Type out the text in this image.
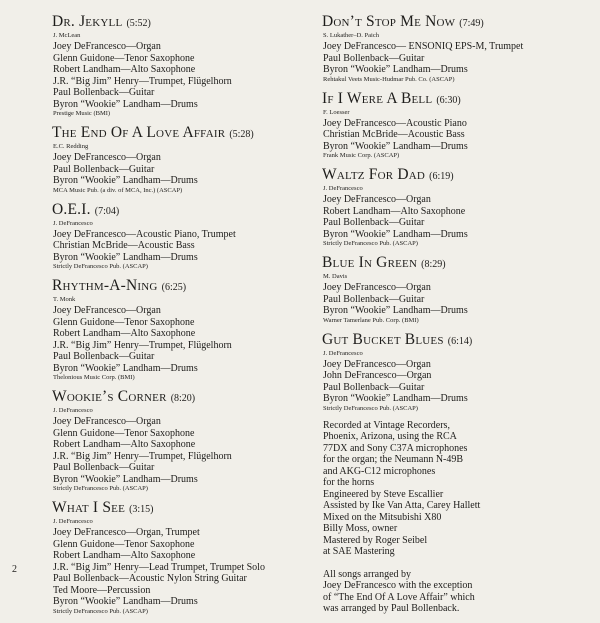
Dr. Jekyll (5:52)
J. McLean
Joey DeFrancesco—Organ
Glenn Guidone—Tenor Saxophone
Robert Landham—Alto Saxophone
J.R. “Big Jim” Henry—Trumpet, Flügelhorn
Paul Bollenback—Guitar
Byron “Wookie” Landham—Drums
Prestige Music (BMI)
The End Of A Love Affair (5:28)
E.C. Redding
Joey DeFrancesco—Organ
Paul Bollenback—Guitar
Byron “Wookie” Landham—Drums
MCA Music Pub. (a div. of MCA, Inc.) (ASCAP)
O.E.I. (7:04)
J. DeFrancesco
Joey DeFrancesco—Acoustic Piano, Trumpet
Christian McBride—Acoustic Bass
Byron “Wookie” Landham—Drums
Strictly DeFrancesco Pub. (ASCAP)
Rhythm-A-Ning (6:25)
T. Monk
Joey DeFrancesco—Organ
Glenn Guidone—Tenor Saxophone
Robert Landham—Alto Saxophone
J.R. “Big Jim” Henry—Trumpet, Flügelhorn
Paul Bollenback—Guitar
Byron “Wookie” Landham—Drums
Thelonious Music Corp. (BMI)
Wookie’s Corner (8:20)
J. DeFrancesco
Joey DeFrancesco—Organ
Glenn Guidone—Tenor Saxophone
Robert Landham—Alto Saxophone
J.R. “Big Jim” Henry—Trumpet, Flügelhorn
Paul Bollenback—Guitar
Byron “Wookie” Landham—Drums
Strictly DeFrancesco Pub. (ASCAP)
What I See (3:15)
J. DeFrancesco
Joey DeFrancesco—Organ, Trumpet
Glenn Guidone—Tenor Saxophone
Robert Landham—Alto Saxophone
J.R. “Big Jim” Henry—Lead Trumpet, Trumpet Solo
Paul Bollenback—Acoustic Nylon String Guitar
Ted Moore—Percussion
Byron “Wookie” Landham—Drums
Strictly DeFrancesco Pub. (ASCAP)
Don’t Stop Me Now (7:49)
S. Lukather–D. Paich
Joey DeFrancesco— ENSONIQ EPS-M, Trumpet
Paul Bollenback—Guitar
Byron “Wookie” Landham—Drums
Rehtakul Veets Music-Hudmar Pub. Co. (ASCAP)
If I Were A Bell (6:30)
F. Loesser
Joey DeFrancesco—Acoustic Piano
Christian McBride—Acoustic Bass
Byron “Wookie” Landham—Drums
Frank Music Corp. (ASCAP)
Waltz For Dad (6:19)
J. DeFrancesco
Joey DeFrancesco—Organ
Robert Landham—Alto Saxophone
Paul Bollenback—Guitar
Byron “Wookie” Landham—Drums
Strictly DeFrancesco Pub. (ASCAP)
Blue In Green (8:29)
M. Davis
Joey DeFrancesco—Organ
Paul Bollenback—Guitar
Byron “Wookie” Landham—Drums
Warner Tamerlane Pub. Corp. (BMI)
Gut Bucket Blues (6:14)
J. DeFrancesco
Joey DeFrancesco—Organ
John DeFrancesco—Organ
Paul Bollenback—Guitar
Byron “Wookie” Landham—Drums
Strictly DeFrancesco Pub. (ASCAP)
Recorded at Vintage Recorders,
Phoenix, Arizona, using the RCA
77DX and Sony C37A microphones
for the organ; the Neumann N-49B
and AKG-C12 microphones
for the horns
Engineered by Steve Escallier
Assisted by Ike Van Atta, Carey Hallett
Mixed on the Mitsubishi X80
Billy Moss, owner
Mastered by Roger Seibel
at SAE Mastering
All songs arranged by
Joey DeFrancesco with the exception
of “The End Of A Love Affair” which
was arranged by Paul Bollenback.
2
